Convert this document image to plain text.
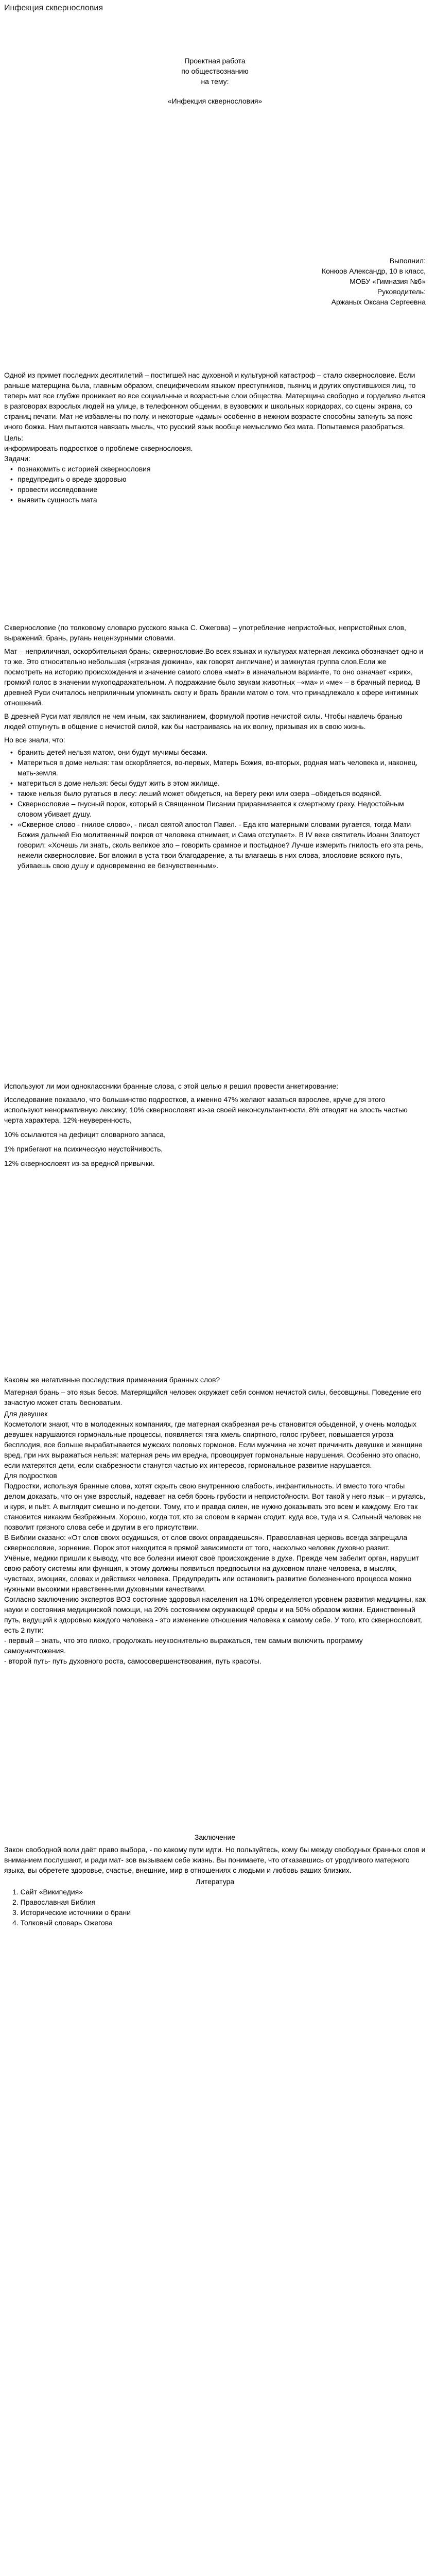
Инфекция сквернословия

Проектная работа

по обществознанию

на тему:

«Инфекция сквернословия»

Выполнил:

Конюов Александр, 10 в класс,

МОБУ «Гимназия №6»

Руководитель:

Аржаных Оксана Сергеевна

Одной из примет последних десятилетий – постигшей нас духовной и культурной катастроф – стало сквернословие. Если раньше матерщина была, главным образом, специфическим языком преступников, пьяниц и других опустившихся лиц, то теперь мат все глубже проникает во все социальные и возрастные слои общества. Матерщина свободно и горделиво льется в разговорах взрослых людей на улице, в телефонном общении, в вузовских и школьных коридорах, со сцены экрана, со страниц печати. Мат не избавлены по полу, и некоторые «дамы» особенно в нежном возрасте способны заткнуть за пояс иного божка. Нам пытаются навязать мысль, что русский язык вообще немыслимо без мата. Попытаемся разобраться.

Цель:

информировать подростков о проблеме сквернословия.

Задачи:

• познакомить с историей сквернословия
• предупредить о вреде здоровью
• провести исследование
• выявить сущность мата

Сквернословие (по толковому словарю русского языка С. Ожегова) – употребление непристойных, непристойных слов, выражений; брань, ругань нецензурными словами.

Мат – неприличная, оскорбительная брань; сквернословие.Во всех языках и культурах матерная лексика обозначает одно и то же. Это относительно небольшая («грязная дюжина», как говорят англичане) и замкнутая группа слов.Если же посмотреть на историю происхождения и значение самого слова «мат» в изначальном варианте, то оно означает «крик», громкий голос в значении мукоподражательном. А подражание было звукам животных –«ма» и «ме» – в брачный период. В древней Руси считалось неприличным упоминать скоту и брать бранли матом о том, что принадлежало к сфере интимных отношений.

В древней Руси мат являлся не чем иным, как заклинанием, формулой против нечистой силы. Чтобы навлечь бранью людей отпугнуть в общение с нечистой силой, как бы настраиваясь на их волну, призывая их в свою жизнь.

Но все знали, что:

• бранить детей нельзя матом, они будут мучимы бесами.
• Материться в доме нельзя: там оскорбляется, во-первых, Матерь Божия, во-вторых, родная мать человека и, наконец, мать-земля.
• материться в доме нельзя: бесы будут жить в этом жилище.
• также нельзя было ругаться в лесу: леший может обидеться, на берегу реки или озера –обидеться водяной.
• Сквернословие – гнусный порок, который в Священном Писании приравнивается к смертному греху. Недостойным словом убивает душу.
• «Скверное слово - гнилое слово», - писал святой апостол Павел. - Еда кто матерными словами ругается, тогда Мати Божия дальней Ею молитвенный покров от человека отнимает, и Сама отступает». В IV веке святитель Иоанн Златоуст говорил: «Хочешь ли знать, сколь великое зло – говорить срамное и постыдное? Лучше измерить гнилость его эта речь, нежели сквернословие. Бог вложил в уста твои благодарение, а ты влагаешь в них слова, злословие всякого пугь, убиваешь свою душу и одновременно ее безчувственным».

Используют ли мои одноклассники бранные слова, с этой целью я решил провести анкетирование:

Исследование показало, что большинство подростков, а именно 47% желают казаться взрослее, круче для этого используют ненормативную лексику; 10% сквернословят из-за своей неконсультантности, 8% отводят на злость частью черта характера, 12%-неуверенность,

10% ссылаются на дефицит словарного запаса,

1% прибегают на психическую неустойчивость,

12% сквернословят из-за вредной привычки.

Каковы же негативные последствия применения бранных слов?

Матерная брань – это язык бесов. Матерящийся человек окружает себя сонмом нечистой силы, бесовщины. Поведение его зачастую может стать бесноватым.

Для девушек

Косметологи знают, что в молодежных компаниях, где матерная скабрезная речь становится обыденной, у очень молодых девушек нарушаются гормональные процессы, появляется тяга хмель спиртного, голос грубеет, повышается угроза бесплодия, все больше вырабатывается мужских половых гормонов. Если мужчина не хочет причинить девушке и женщине вред, при них выражаться нельзя: матерная речь им вредна, провоцирует гормональные нарушения. Особенно это опасно, если матерятся дети, если скабрезности станутся частью их интересов, гормональное развитие нарушается.

Для подростков

Подростки, используя бранные слова, хотят скрыть свою внутреннюю слабость, инфантильность. И вместо того чтобы делом доказать, что он уже взрослый, надевает на себя бронь грубости и непристойности. Вот такой у него язык – и ругаясь, и куря, и пьёт. А выглядит смешно и по-детски. Тому, кто и правда силен, не нужно доказывать это всем и каждому. Его так становится никаким безбрежным. Хорошо, когда тот, кто за словом в карман сгодит: куда все, туда и я. Сильный человек не позволит грязного слова себе и другим в его присутствии.

В Библии сказано: «От слов своих осудишься, от слов своих оправдаешься». Православная церковь всегда запрещала сквернословие, зорнение. Порок этот находится в прямой зависимости от того, насколько человек духовно развит.

Учёные, медики пришли к выводу, что все болезни имеют своё происхождение в духе. Прежде чем забелит орган, нарушит свою работу системы или функция, к этому должны появиться предпосылки на духовном плане человека, в мыслях, чувствах, эмоциях, словах и действиях человека. Предупредить или остановить развитие болезненного процесса можно нужными высокими нравственными духовными качествами.

Согласно заключению экспертов ВОЗ состояние здоровья населения на 10% определяется уровнем развития медицины, как науки и состояния медицинской помощи, на 20% состоянием окружающей среды и на 50% образом жизни. Единственный путь, ведущий к здоровью каждого человека - это изменение отношения человека к самому себе. У того, кто сквернословит, есть 2 пути:

- первый – знать, что это плохо, продолжать неукоснительно выражаться, тем самым включить программу самоуничтожения.

- второй путь- путь духовного роста, самосовершенствования, путь красоты.

Заключение

Закон свободной воли даёт право выбора, - по какому пути идти. Но пользуйтесь, кому бы между свободных бранных слов и вниманием послушают, и ради мат- зов вызываем себе жизнь. Вы понимаете, что отказавшись от уродливого матерного языка, вы обретете здоровье, счастье, внешние, мир в отношениях с людьми и любовь ваших близких.

Литература

1. Сайт «Википедия»
2. Православная Библия
3. Исторические источники о брани
4. Толковый словарь Ожегова
